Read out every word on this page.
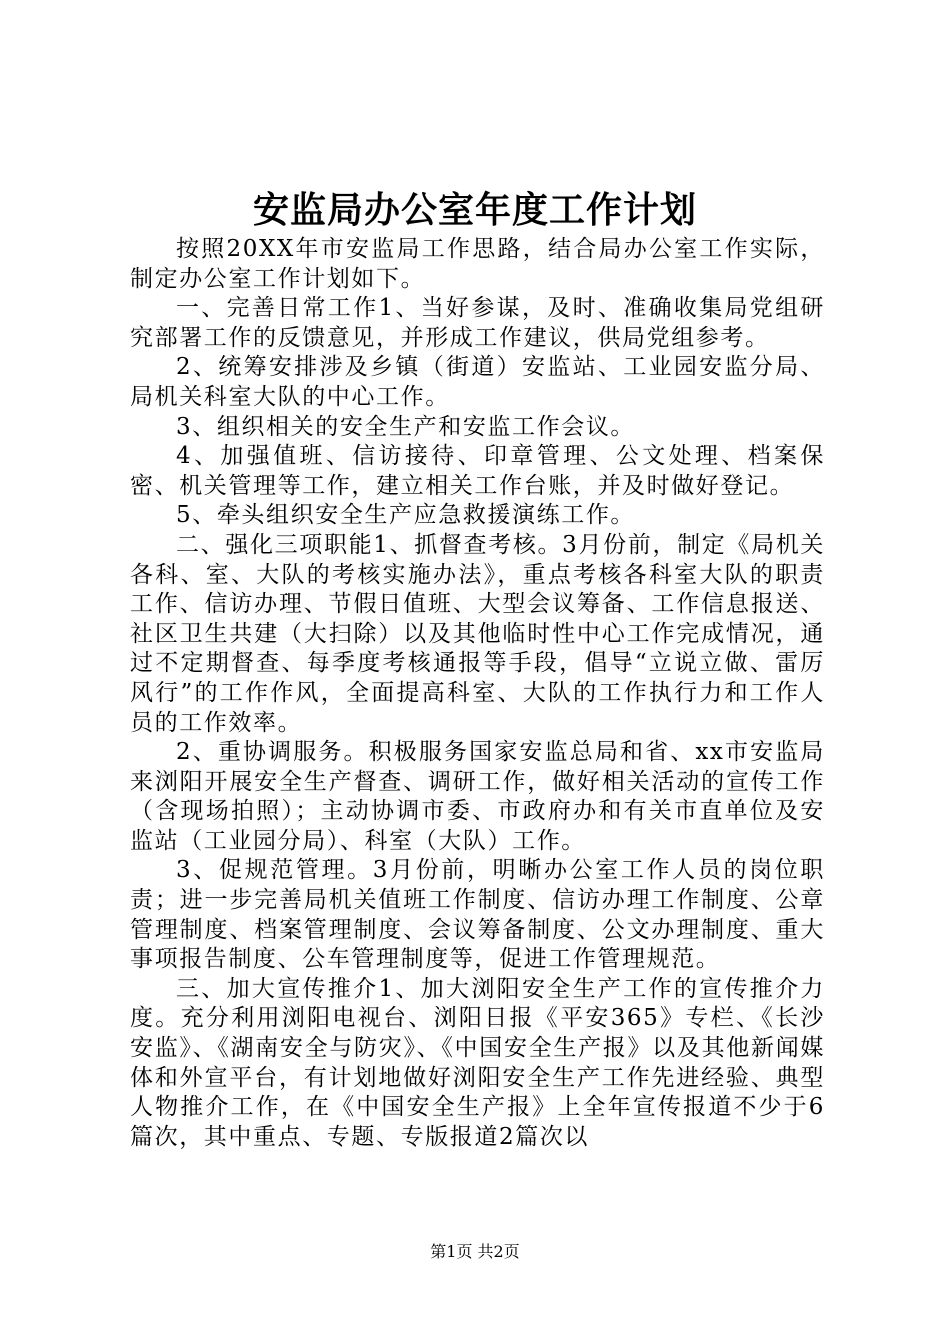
安监局办公室年度工作计划

按照20XX年市安监局工作思路，结合局办公室工作实际，制定办公室工作计划如下。

一、完善日常工作1、当好参谋，及时、准确收集局党组研究部署工作的反馈意见，并形成工作建议，供局党组参考。

2、统筹安排涉及乡镇（街道）安监站、工业园安监分局、局机关科室大队的中心工作。

3、组织相关的安全生产和安监工作会议。

4、加强值班、信访接待、印章管理、公文处理、档案保密、机关管理等工作，建立相关工作台账，并及时做好登记。

5、牵头组织安全生产应急救援演练工作。

二、强化三项职能1、抓督查考核。3月份前，制定《局机关各科、室、大队的考核实施办法》，重点考核各科室大队的职责工作、信访办理、节假日值班、大型会议筹备、工作信息报送、社区卫生共建（大扫除）以及其他临时性中心工作完成情况，通过不定期督查、每季度考核通报等手段，倡导“立说立做、雷厉风行”的工作作风，全面提高科室、大队的工作执行力和工作人员的工作效率。

2、重协调服务。积极服务国家安监总局和省、xx市安监局来浏阳开展安全生产督查、调研工作，做好相关活动的宣传工作（含现场拍照）；主动协调市委、市政府办和有关市直单位及安监站（工业园分局）、科室（大队）工作。

3、促规范管理。3月份前，明晰办公室工作人员的岗位职责；进一步完善局机关值班工作制度、信访办理工作制度、公章管理制度、档案管理制度、会议筹备制度、公文办理制度、重大事项报告制度、公车管理制度等，促进工作管理规范。

三、加大宣传推介1、加大浏阳安全生产工作的宣传推介力度。充分利用浏阳电视台、浏阳日报《平安365》专栏、《长沙安监》、《湖南安全与防灾》、《中国安全生产报》以及其他新闻媒体和外宣平台，有计划地做好浏阳安全生产工作先进经验、典型人物推介工作，在《中国安全生产报》上全年宣传报道不少于6篇次，其中重点、专题、专版报道2篇次以

第1页 共2页
